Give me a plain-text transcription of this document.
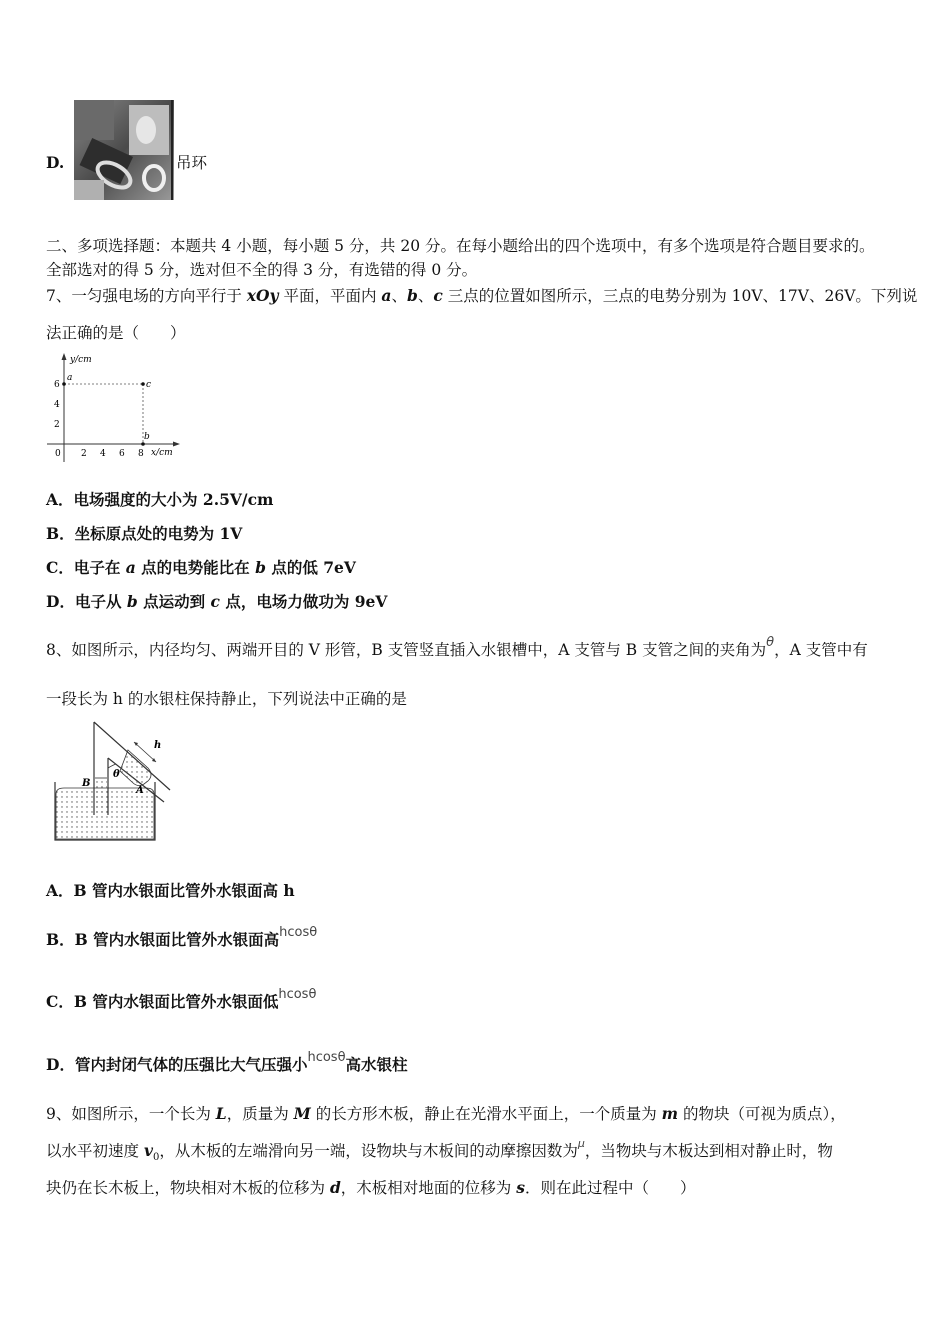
D.	吊环
二、多项选择题：本题共 4 小题，每小题 5 分，共 20 分。在每小题给出的四个选项中，有多个选项是符合题目要求的。
全部选对的得 5 分，选对但不全的得 3 分，有选错的得 0 分。
7、一匀强电场的方向平行于 xOy 平面，平面内 a、b、c 三点的位置如图所示，三点的电势分别为 10V、17V、26V。下列说
法正确的是（　　）
y/cm
x/cm
6
4
2
0 2 4 6 8
a
c
b
A．电场强度的大小为 2.5V/cm
B．坐标原点处的电势为 1V
C．电子在 a 点的电势能比在 b 点的低 7eV
D．电子从 b 点运动到 c 点，电场力做功为 9eV
8、如图所示，内径均匀、两端开目的 V 形管，B 支管竖直插入水银槽中，A 支管与 B 支管之间的夹角为$^\theta$，A 支管中有
一段长为 h 的水银柱保持静止，下列说法中正确的是
h
θ
B
A
A．B 管内水银面比管外水银面高 h
B．B 管内水银面比管外水银面高$^{hcos\theta}$
C．B 管内水银面比管外水银面低$^{hcos\theta}$
D．管内封闭气体的压强比大气压强小$^{hcos\theta}$高水银柱
9、如图所示，一个长为 L，质量为 M 的长方形木板，静止在光滑水平面上，一个质量为 m 的物块（可视为质点），
以水平初速度 $v_0$，从木板的左端滑向另一端，设物块与木板间的动摩擦因数为$^\mu$，当物块与木板达到相对静止时，物
块仍在长木板上，物块相对木板的位移为 d，木板相对地面的位移为 s．则在此过程中（　　）
